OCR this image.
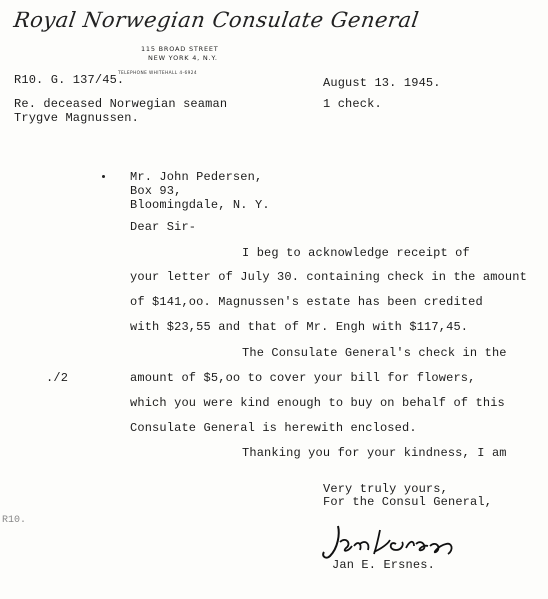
Royal Norwegian Consulate General
115 BROAD STREET
NEW YORK 4, N.Y.
TELEPHONE WHITEHALL 4-6924
R10. G. 137/45.	August 13. 1945.
Re. deceased Norwegian seaman
Trygve Magnussen.
1 check.
Mr. John Pedersen,
Box 93,
Bloomingdale, N. Y.
Dear Sir-
I beg to acknowledge receipt of
your letter of July 30. containing check in the amount
of $141,oo. Magnussen's estate has been credited
with $23,55 and that of Mr. Engh with $117,45.
The Consulate General's check in the
amount of $5,oo to cover your bill for flowers,
which you were kind enough to buy on behalf of this
Consulate General is herewith enclosed.
Thanking you for your kindness, I am
./2
Very truly yours,
For the Consul General,
R10.
Jan E. Ersnes.
